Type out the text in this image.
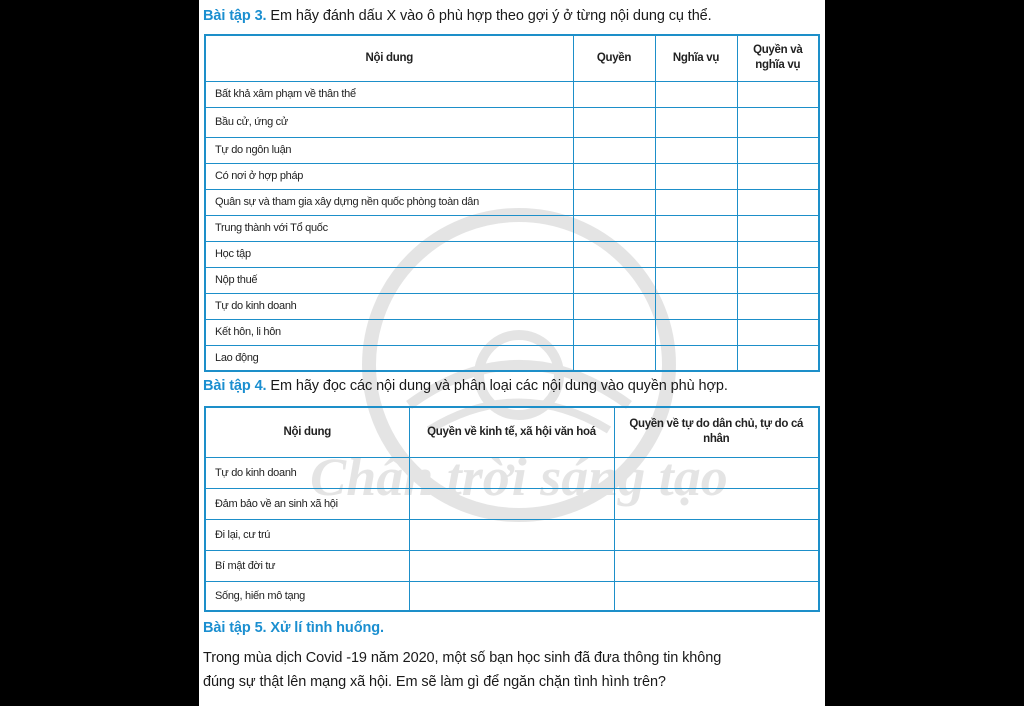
Chân trời sáng tạo
Bài tập 3. Em hãy đánh dấu X vào ô phù hợp theo gợi ý ở từng nội dung cụ thể.
Nội dung	Quyền	Nghĩa vụ	Quyền và nghĩa vụ
Bất khả xâm phạm về thân thể			
Bầu cử, ứng cử			
Tự do ngôn luận			
Có nơi ở hợp pháp			
Quân sự và tham gia xây dựng nền quốc phòng toàn dân			
Trung thành với Tổ quốc			
Học tập			
Nộp thuế			
Tự do kinh doanh			
Kết hôn, li hôn			
Lao động			
Bài tập 4. Em hãy đọc các nội dung và phân loại các nội dung vào quyền phù hợp.
Nội dung	Quyền về kinh tế, xã hội văn hoá	Quyền về tự do dân chủ, tự do cá nhân
Tự do kinh doanh		
Đảm bảo về an sinh xã hội		
Đi lại, cư trú		
Bí mật đời tư		
Sống, hiến mô tạng		
Bài tập 5. Xử lí tình huống.
Trong mùa dịch Covid -19 năm 2020, một số bạn học sinh đã đưa thông tin không
đúng sự thật lên mạng xã hội. Em sẽ làm gì để ngăn chặn tình hình trên?
